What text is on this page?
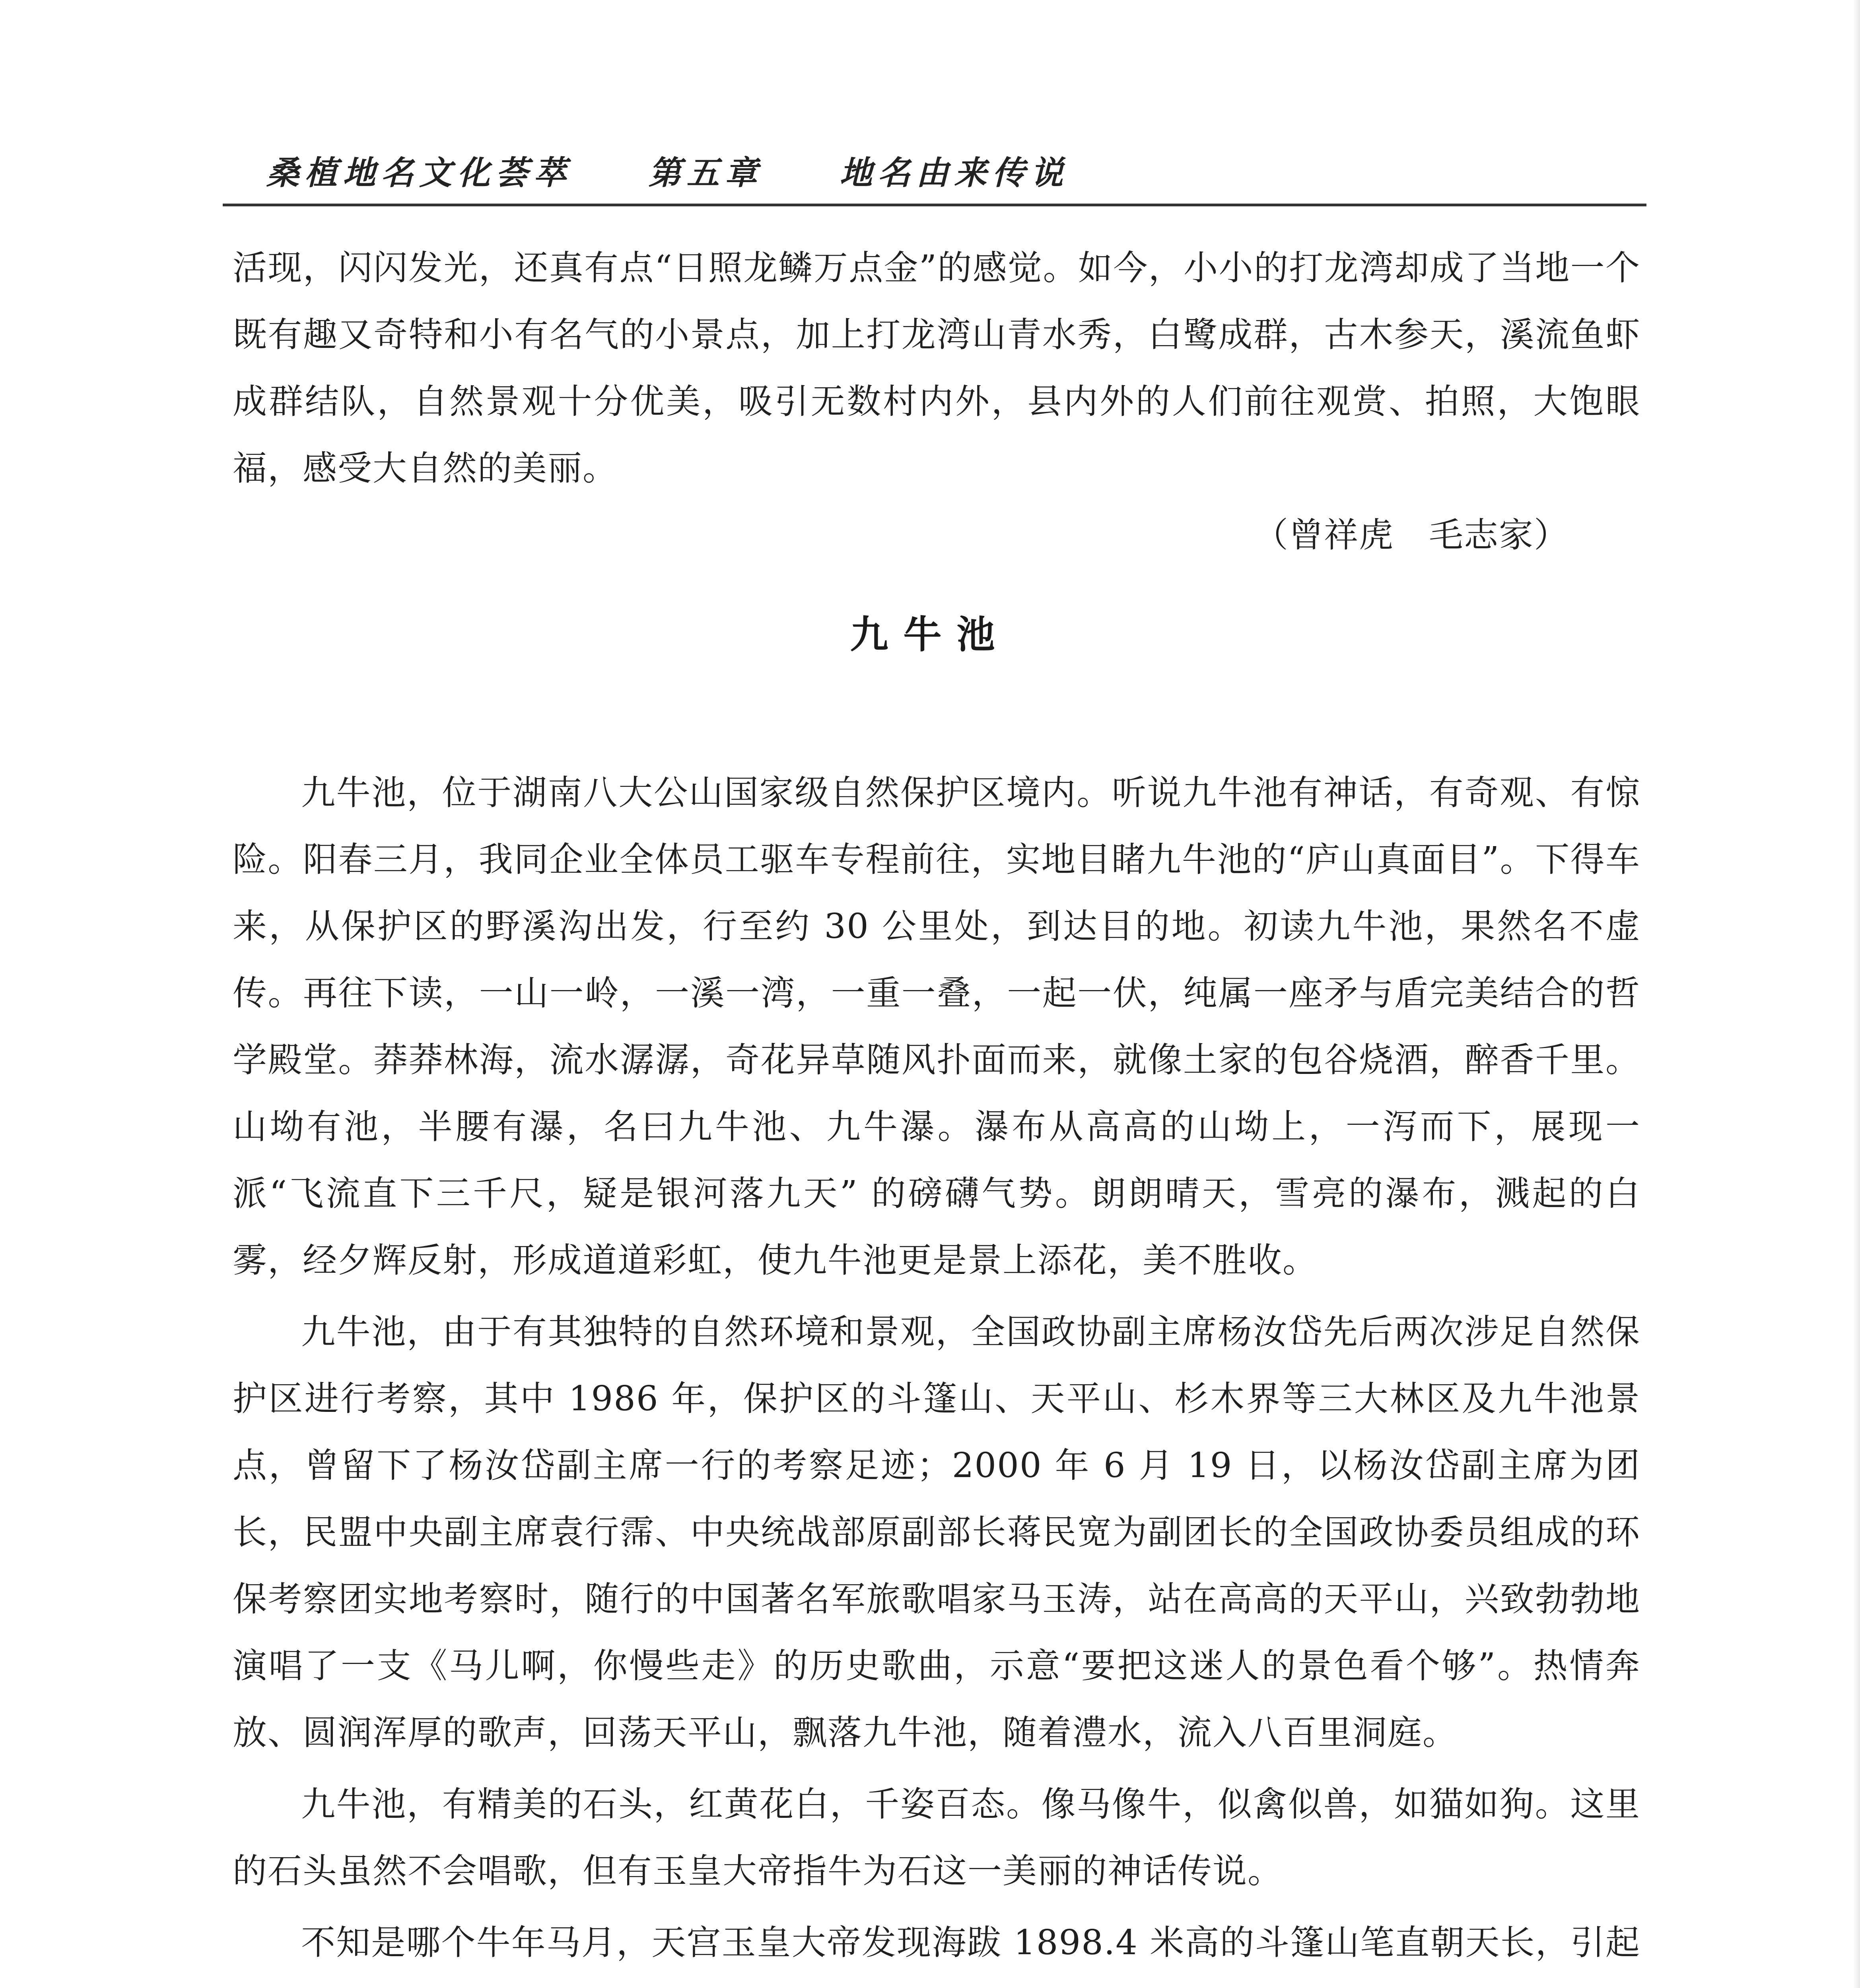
桑植地名文化荟萃 第五章 地名由来传说

活现，闪闪发光，还真有点“日照龙鳞万点金”的感觉。如今，小小的打龙湾却成了当地一个既有趣又奇特和小有名气的小景点，加上打龙湾山青水秀，白鹭成群，古木参天，溪流鱼虾成群结队，自然景观十分优美，吸引无数村内外，县内外的人们前往观赏、拍照，大饱眼福，感受大自然的美丽。

（曾祥虎　毛志家）

九牛池

九牛池，位于湖南八大公山国家级自然保护区境内。听说九牛池有神话，有奇观、有惊险。阳春三月，我同企业全体员工驱车专程前往，实地目睹九牛池的“庐山真面目”。下得车来，从保护区的野溪沟出发，行至约 30 公里处，到达目的地。初读九牛池，果然名不虚传。再往下读，一山一岭，一溪一湾，一重一叠，一起一伏，纯属一座矛与盾完美结合的哲学殿堂。莽莽林海，流水潺潺，奇花异草随风扑面而来，就像土家的包谷烧酒，醉香千里。山坳有池，半腰有瀑，名曰九牛池、九牛瀑。瀑布从高高的山坳上，一泻而下，展现一派“飞流直下三千尺，疑是银河落九天” 的磅礴气势。朗朗晴天，雪亮的瀑布，溅起的白雾，经夕辉反射，形成道道彩虹，使九牛池更是景上添花，美不胜收。

九牛池，由于有其独特的自然环境和景观，全国政协副主席杨汝岱先后两次涉足自然保护区进行考察，其中 1986 年，保护区的斗篷山、天平山、杉木界等三大林区及九牛池景点，曾留下了杨汝岱副主席一行的考察足迹；2000 年 6 月 19 日，以杨汝岱副主席为团长，民盟中央副主席袁行霈、中央统战部原副部长蒋民宽为副团长的全国政协委员组成的环保考察团实地考察时，随行的中国著名军旅歌唱家马玉涛，站在高高的天平山，兴致勃勃地演唱了一支《马儿啊，你慢些走》的历史歌曲，示意“要把这迷人的景色看个够”。热情奔放、圆润浑厚的歌声，回荡天平山，飘落九牛池，随着澧水，流入八百里洞庭。

九牛池，有精美的石头，红黄花白，千姿百态。像马像牛，似禽似兽，如猫如狗。这里的石头虽然不会唱歌，但有玉皇大帝指牛为石这一美丽的神话传说。

不知是哪个牛年马月，天宫玉皇大帝发现海跋 1898.4 米高的斗篷山笔直朝天长，引起
